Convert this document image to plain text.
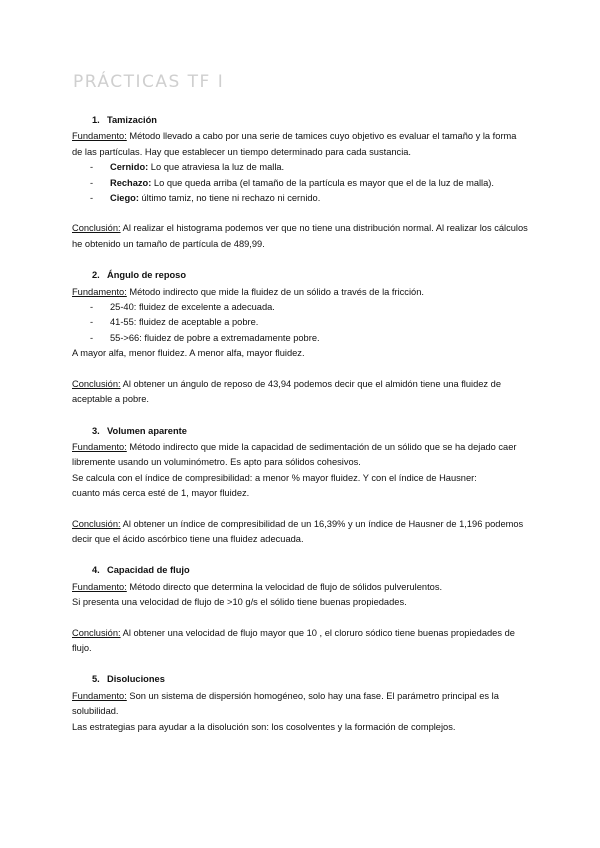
PRÁCTICAS TF I
1. Tamización

Fundamento: Método llevado a cabo por una serie de tamices cuyo objetivo es evaluar el tamaño y la forma de las partículas. Hay que establecer un tiempo determinado para cada sustancia.

- Cernido: Lo que atraviesa la luz de malla.
- Rechazo: Lo que queda arriba (el tamaño de la partícula es mayor que el de la luz de malla).
- Ciego: último tamiz, no tiene ni rechazo ni cernido.

Conclusión: Al realizar el histograma podemos ver que no tiene una distribución normal. Al realizar los cálculos he obtenido un tamaño de partícula de 489,99.

2. Ángulo de reposo

Fundamento: Método indirecto que mide la fluidez de un sólido a través de la fricción.

- 25-40: fluidez de excelente a adecuada.
- 41-55: fluidez de aceptable a pobre.
- 55->66: fluidez de pobre a extremadamente pobre.

A mayor alfa, menor fluidez. A menor alfa, mayor fluidez.

Conclusión: Al obtener un ángulo de reposo de 43,94 podemos decir que el almidón tiene una fluidez de aceptable a pobre.

3. Volumen aparente

Fundamento: Método indirecto que mide la capacidad de sedimentación de un sólido que se ha dejado caer libremente usando un voluminómetro. Es apto para sólidos cohesivos.

Se calcula con el índice de compresibilidad: a menor % mayor fluidez. Y con el índice de Hausner:

cuanto más cerca esté de 1, mayor fluidez.

Conclusión: Al obtener un índice de compresibilidad de un 16,39% y un índice de Hausner de 1,196 podemos decir que el ácido ascórbico tiene una fluidez adecuada.

4. Capacidad de flujo

Fundamento: Método directo que determina la velocidad de flujo de sólidos pulverulentos.

Si presenta una velocidad de flujo de >10 g/s el sólido tiene buenas propiedades.

Conclusión: Al obtener una velocidad de flujo mayor que 10 , el cloruro sódico tiene buenas propiedades de flujo.

5. Disoluciones

Fundamento: Son un sistema de dispersión homogéneo, solo hay una fase. El parámetro principal es la solubilidad.

Las estrategias para ayudar a la disolución son: los cosolventes y la formación de complejos.
